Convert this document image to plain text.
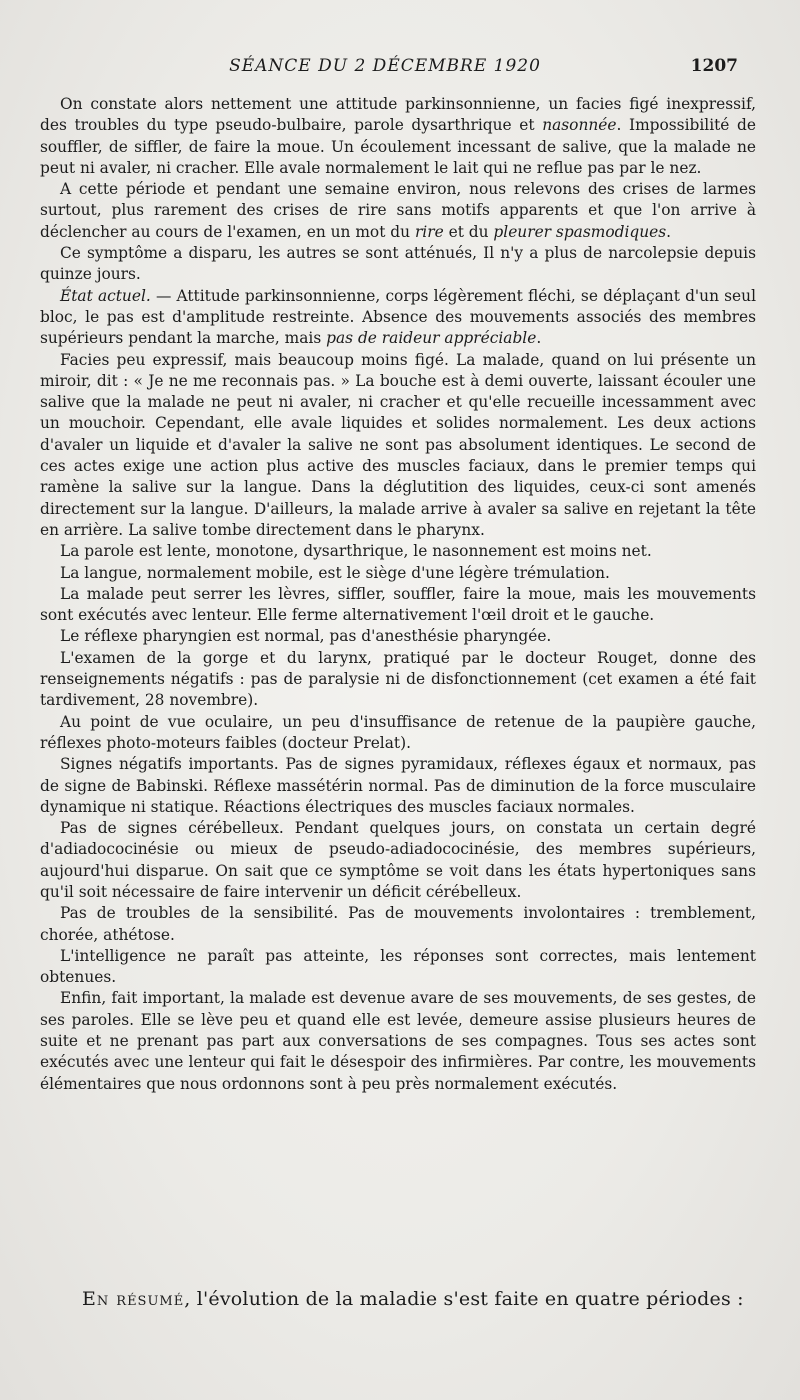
SÉANCE DU 2 DÉCEMBRE 1920	1207

On constate alors nettement une attitude parkinsonnienne, un facies figé inexpressif, des troubles du type pseudo-bulbaire, parole dysarthrique et nasonnée. Impossibilité de souffler, de siffler, de faire la moue. Un écoulement incessant de salive, que la malade ne peut ni avaler, ni cracher. Elle avale normalement le lait qui ne reflue pas par le nez.

A cette période et pendant une semaine environ, nous relevons des crises de larmes surtout, plus rarement des crises de rire sans motifs apparents et que l'on arrive à déclencher au cours de l'examen, en un mot du rire et du pleurer spasmodiques.

Ce symptôme a disparu, les autres se sont atténués, Il n'y a plus de narcolepsie depuis quinze jours.

État actuel. — Attitude parkinsonnienne, corps légèrement fléchi, se déplaçant d'un seul bloc, le pas est d'amplitude restreinte. Absence des mouvements associés des membres supérieurs pendant la marche, mais pas de raideur appréciable.

Facies peu expressif, mais beaucoup moins figé. La malade, quand on lui présente un miroir, dit : « Je ne me reconnais pas. » La bouche est à demi ouverte, laissant écouler une salive que la malade ne peut ni avaler, ni cracher et qu'elle recueille incessamment avec un mouchoir. Cependant, elle avale liquides et solides normalement. Les deux actions d'avaler un liquide et d'avaler la salive ne sont pas absolument identiques. Le second de ces actes exige une action plus active des muscles faciaux, dans le premier temps qui ramène la salive sur la langue. Dans la déglutition des liquides, ceux-ci sont amenés directement sur la langue. D'ailleurs, la malade arrive à avaler sa salive en rejetant la tête en arrière. La salive tombe directement dans le pharynx.

La parole est lente, monotone, dysarthrique, le nasonnement est moins net.

La langue, normalement mobile, est le siège d'une légère trémulation.

La malade peut serrer les lèvres, siffler, souffler, faire la moue, mais les mouvements sont exécutés avec lenteur. Elle ferme alternativement l'œil droit et le gauche.

Le réflexe pharyngien est normal, pas d'anesthésie pharyngée.

L'examen de la gorge et du larynx, pratiqué par le docteur Rouget, donne des renseignements négatifs : pas de paralysie ni de disfonctionnement (cet examen a été fait tardivement, 28 novembre).

Au point de vue oculaire, un peu d'insuffisance de retenue de la paupière gauche, réflexes photo-moteurs faibles (docteur Prelat).

Signes négatifs importants. Pas de signes pyramidaux, réflexes égaux et normaux, pas de signe de Babinski. Réflexe massétérin normal. Pas de diminution de la force musculaire dynamique ni statique. Réactions électriques des muscles faciaux normales.

Pas de signes cérébelleux. Pendant quelques jours, on constata un certain degré d'adiadococinésie ou mieux de pseudo-adiadococinésie, des membres supérieurs, aujourd'hui disparue. On sait que ce symptôme se voit dans les états hypertoniques sans qu'il soit nécessaire de faire intervenir un déficit cérébelleux.

Pas de troubles de la sensibilité. Pas de mouvements involontaires : tremblement, chorée, athétose.

L'intelligence ne paraît pas atteinte, les réponses sont correctes, mais lentement obtenues.

Enfin, fait important, la malade est devenue avare de ses mouvements, de ses gestes, de ses paroles. Elle se lève peu et quand elle est levée, demeure assise plusieurs heures de suite et ne prenant pas part aux conversations de ses compagnes. Tous ses actes sont exécutés avec une lenteur qui fait le désespoir des infirmières. Par contre, les mouvements élémentaires que nous ordonnons sont à peu près normalement exécutés.

En résumé, l'évolution de la maladie s'est faite en quatre périodes :
